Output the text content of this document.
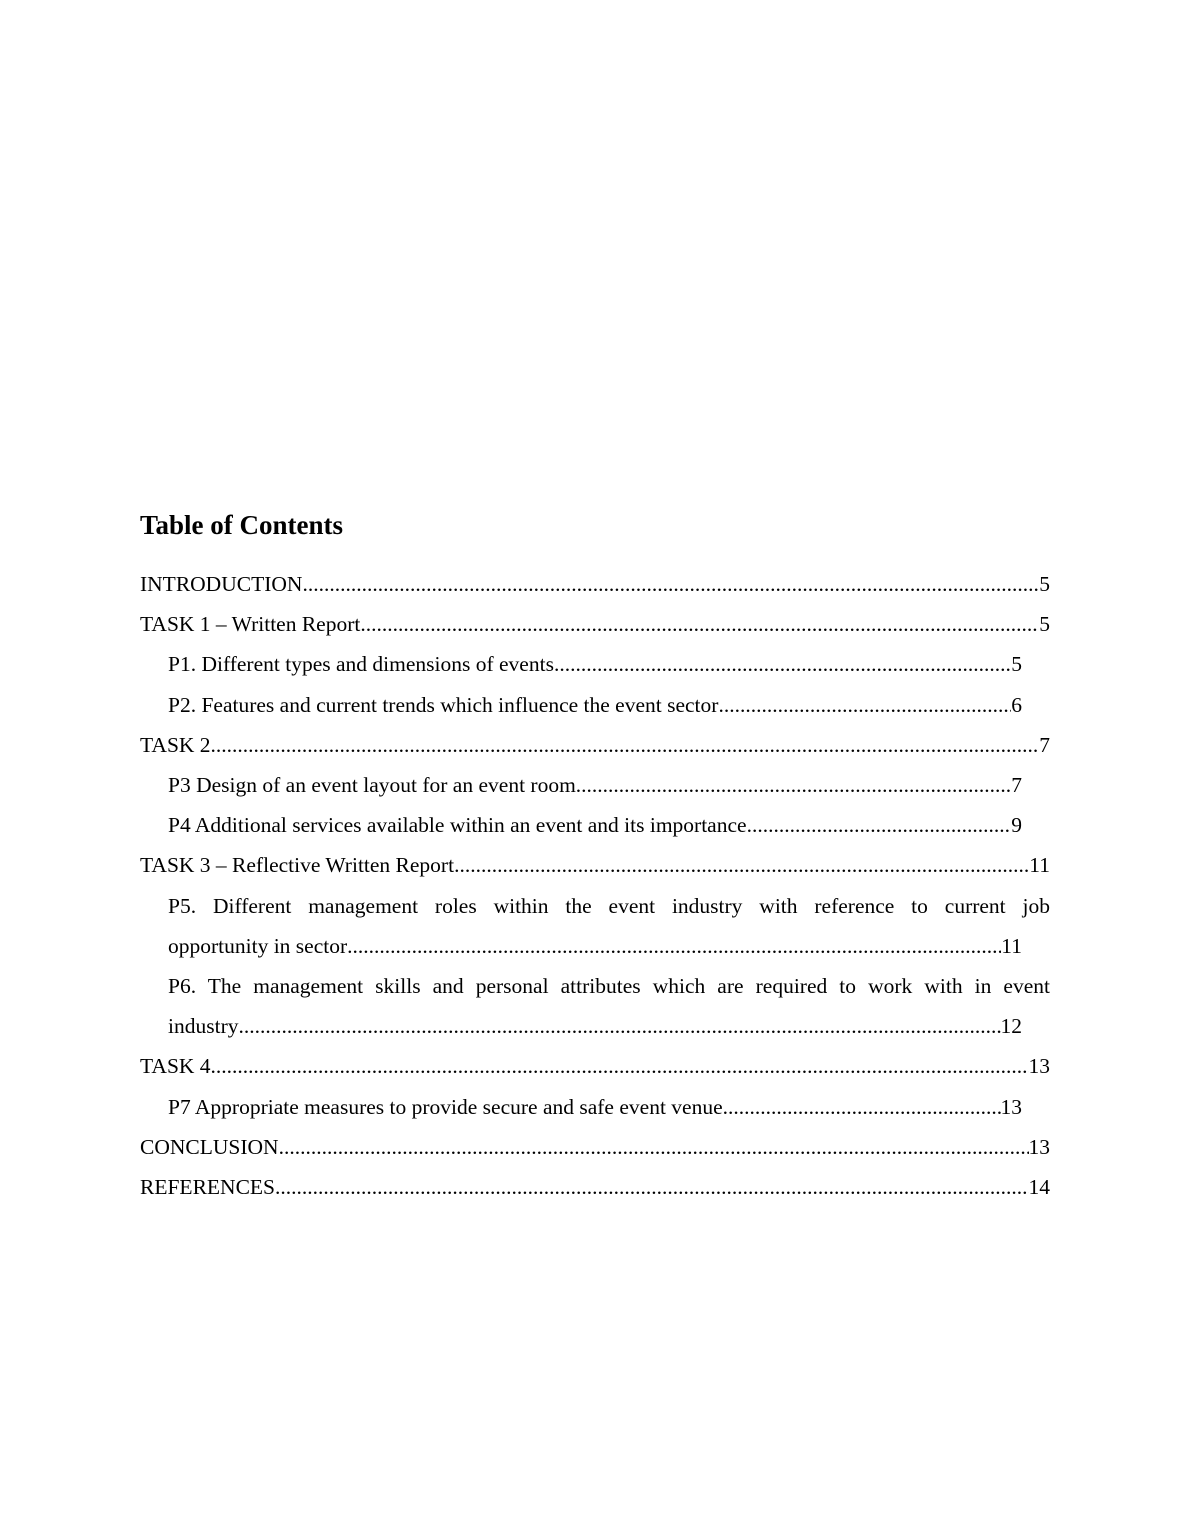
Table of Contents
INTRODUCTION .....	5
TASK 1 – Written Report .....	5
P1. Different types and dimensions of events .....	5
P2. Features and current trends which influence the event sector .....	6
TASK 2 .....	7
P3 Design of an event layout for an event room .....	7
P4 Additional services available within an event and its importance .....	9
TASK 3 – Reflective Written Report .....	11
P5. Different management roles within the event industry with reference to current job
opportunity in sector .....	11
P6. The management skills and personal attributes which are required to work with in event
industry .....	12
TASK 4 .....	13
P7 Appropriate measures to provide secure and safe event venue .....	13
CONCLUSION .....	13
REFERENCES .....	14
